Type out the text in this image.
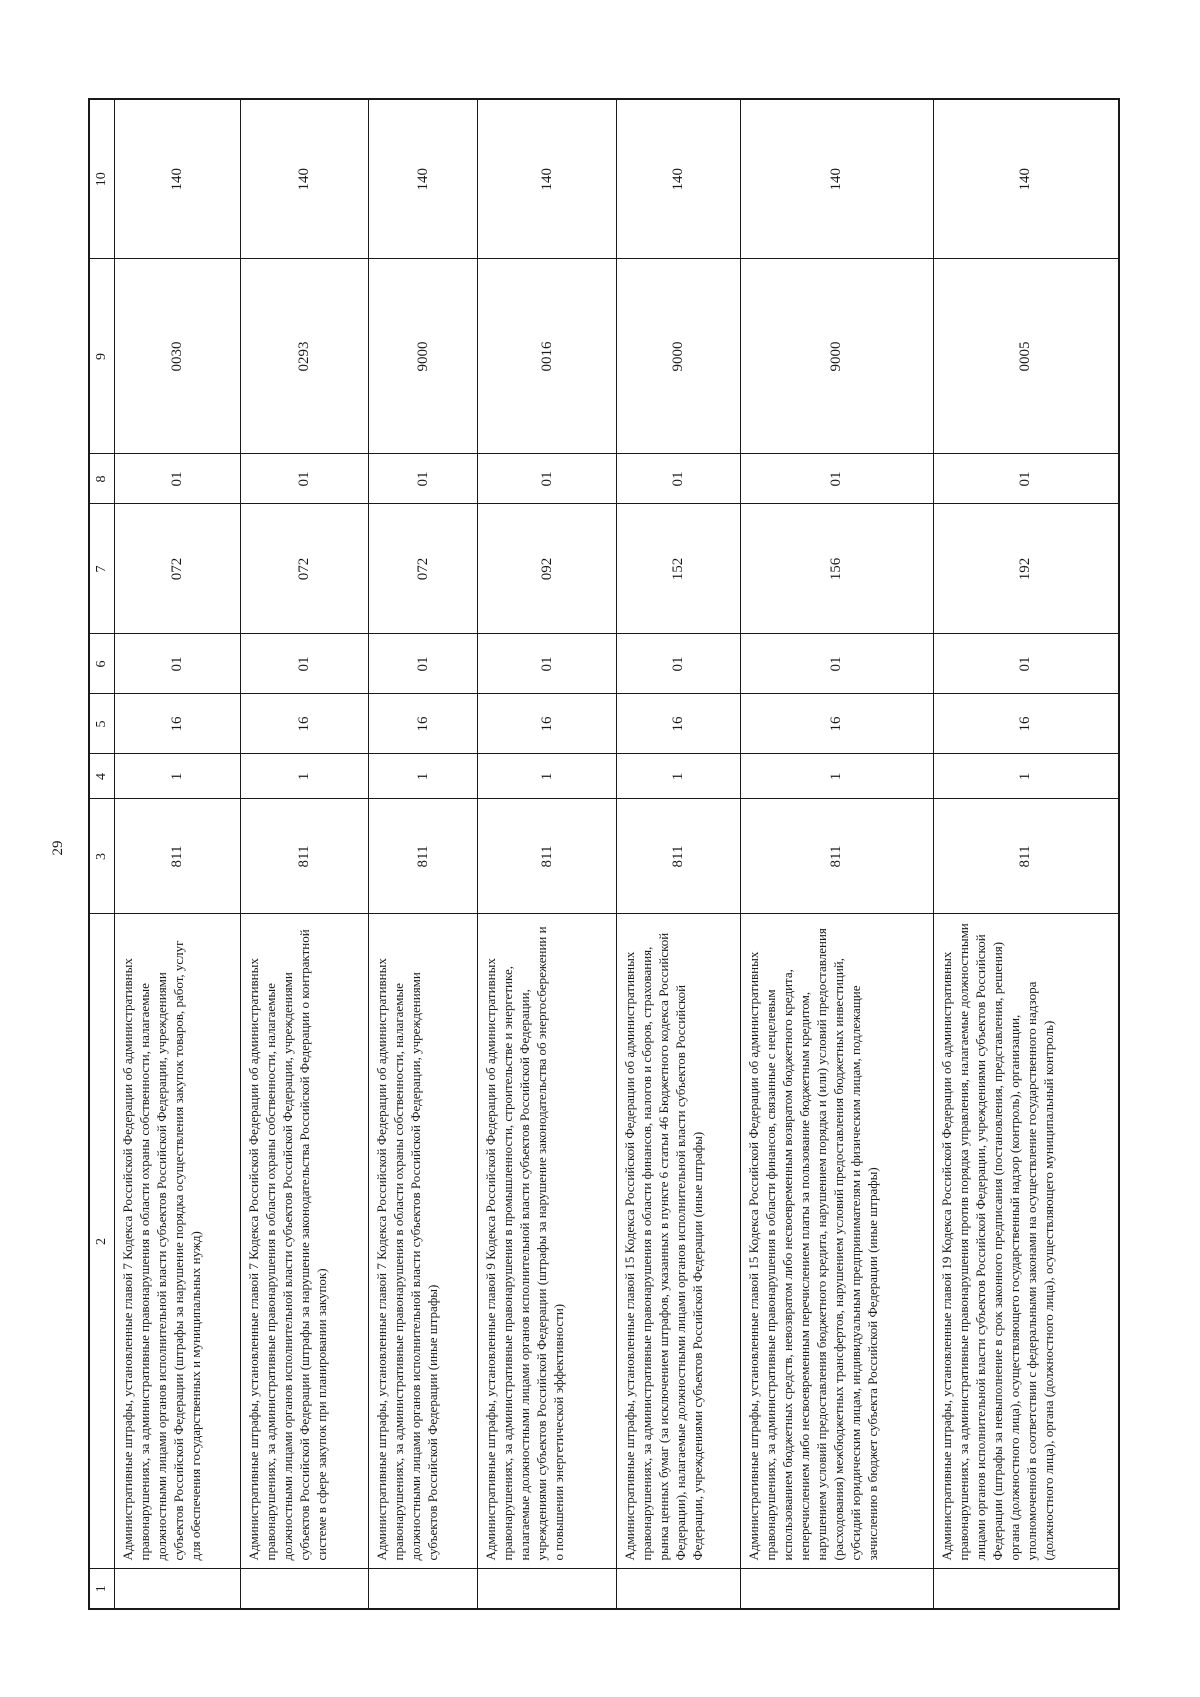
29
1	2	3	4	5	6	7	8	9	10
	Административные штрафы, установленные главой 7 Кодекса Российской Федерации об административных правонарушениях, за административные правонарушения в области охраны собственности, налагаемые должностными лицами органов исполнительной власти субъектов Российской Федерации, учреждениями субъектов Российской Федерации (штрафы за нарушение порядка осуществления закупок товаров, работ, услуг для обеспечения государственных и муниципальных нужд)	811	1	16	01	072	01	0030	140
	Административные штрафы, установленные главой 7 Кодекса Российской Федерации об административных правонарушениях, за административные правонарушения в области охраны собственности, налагаемые должностными лицами органов исполнительной власти субъектов Российской Федерации, учреждениями субъектов Российской Федерации (штрафы за нарушение законодательства Российской Федерации о контрактной системе в сфере закупок при планировании закупок)	811	1	16	01	072	01	0293	140
	Административные штрафы, установленные главой 7 Кодекса Российской Федерации об административных правонарушениях, за административные правонарушения в области охраны собственности, налагаемые должностными лицами органов исполнительной власти субъектов Российской Федерации, учреждениями субъектов Российской Федерации (иные штрафы)	811	1	16	01	072	01	9000	140
	Административные штрафы, установленные главой 9 Кодекса Российской Федерации об административных правонарушениях, за административные правонарушения в промышленности, строительстве и энергетике, налагаемые должностными лицами органов исполнительной власти субъектов Российской Федерации, учреждениями субъектов Российской Федерации (штрафы за нарушение законодательства об энергосбережении и о повышении энергетической эффективности)	811	1	16	01	092	01	0016	140
	Административные штрафы, установленные главой 15 Кодекса Российской Федерации об административных правонарушениях, за административные правонарушения в области финансов, налогов и сборов, страхования, рынка ценных бумаг (за исключением штрафов, указанных в пункте 6 статьи 46 Бюджетного кодекса Российской Федерации), налагаемые должностными лицами органов исполнительной власти субъектов Российской Федерации, учреждениями субъектов Российской Федерации (иные штрафы)	811	1	16	01	152	01	9000	140
	Административные штрафы, установленные главой 15 Кодекса Российской Федерации об административных правонарушениях, за административные правонарушения в области финансов, связанные с нецелевым использованием бюджетных средств, невозвратом либо несвоевременным возвратом бюджетного кредита, неперечислением либо несвоевременным перечислением платы за пользование бюджетным кредитом, нарушением условий предоставления бюджетного кредита, нарушением порядка и (или) условий предоставления (расходования) межбюджетных трансфертов, нарушением условий предоставления бюджетных инвестиций, субсидий юридическим лицам, индивидуальным предпринимателям и физическим лицам, подлежащие зачислению в бюджет субъекта Российской Федерации (иные штрафы)	811	1	16	01	156	01	9000	140
	Административные штрафы, установленные главой 19 Кодекса Российской Федерации об административных правонарушениях, за административные правонарушения против порядка управления, налагаемые должностными лицами органов исполнительной власти субъектов Российской Федерации, учреждениями субъектов Российской Федерации (штрафы за невыполнение в срок законного предписания (постановления, представления, решения) органа (должностного лица), осуществляющего государственный надзор (контроль), организации, уполномоченной в соответствии с федеральными законами на осуществление государственного надзора (должностного лица), органа (должностного лица), осуществляющего муниципальный контроль)	811	1	16	01	192	01	0005	140
